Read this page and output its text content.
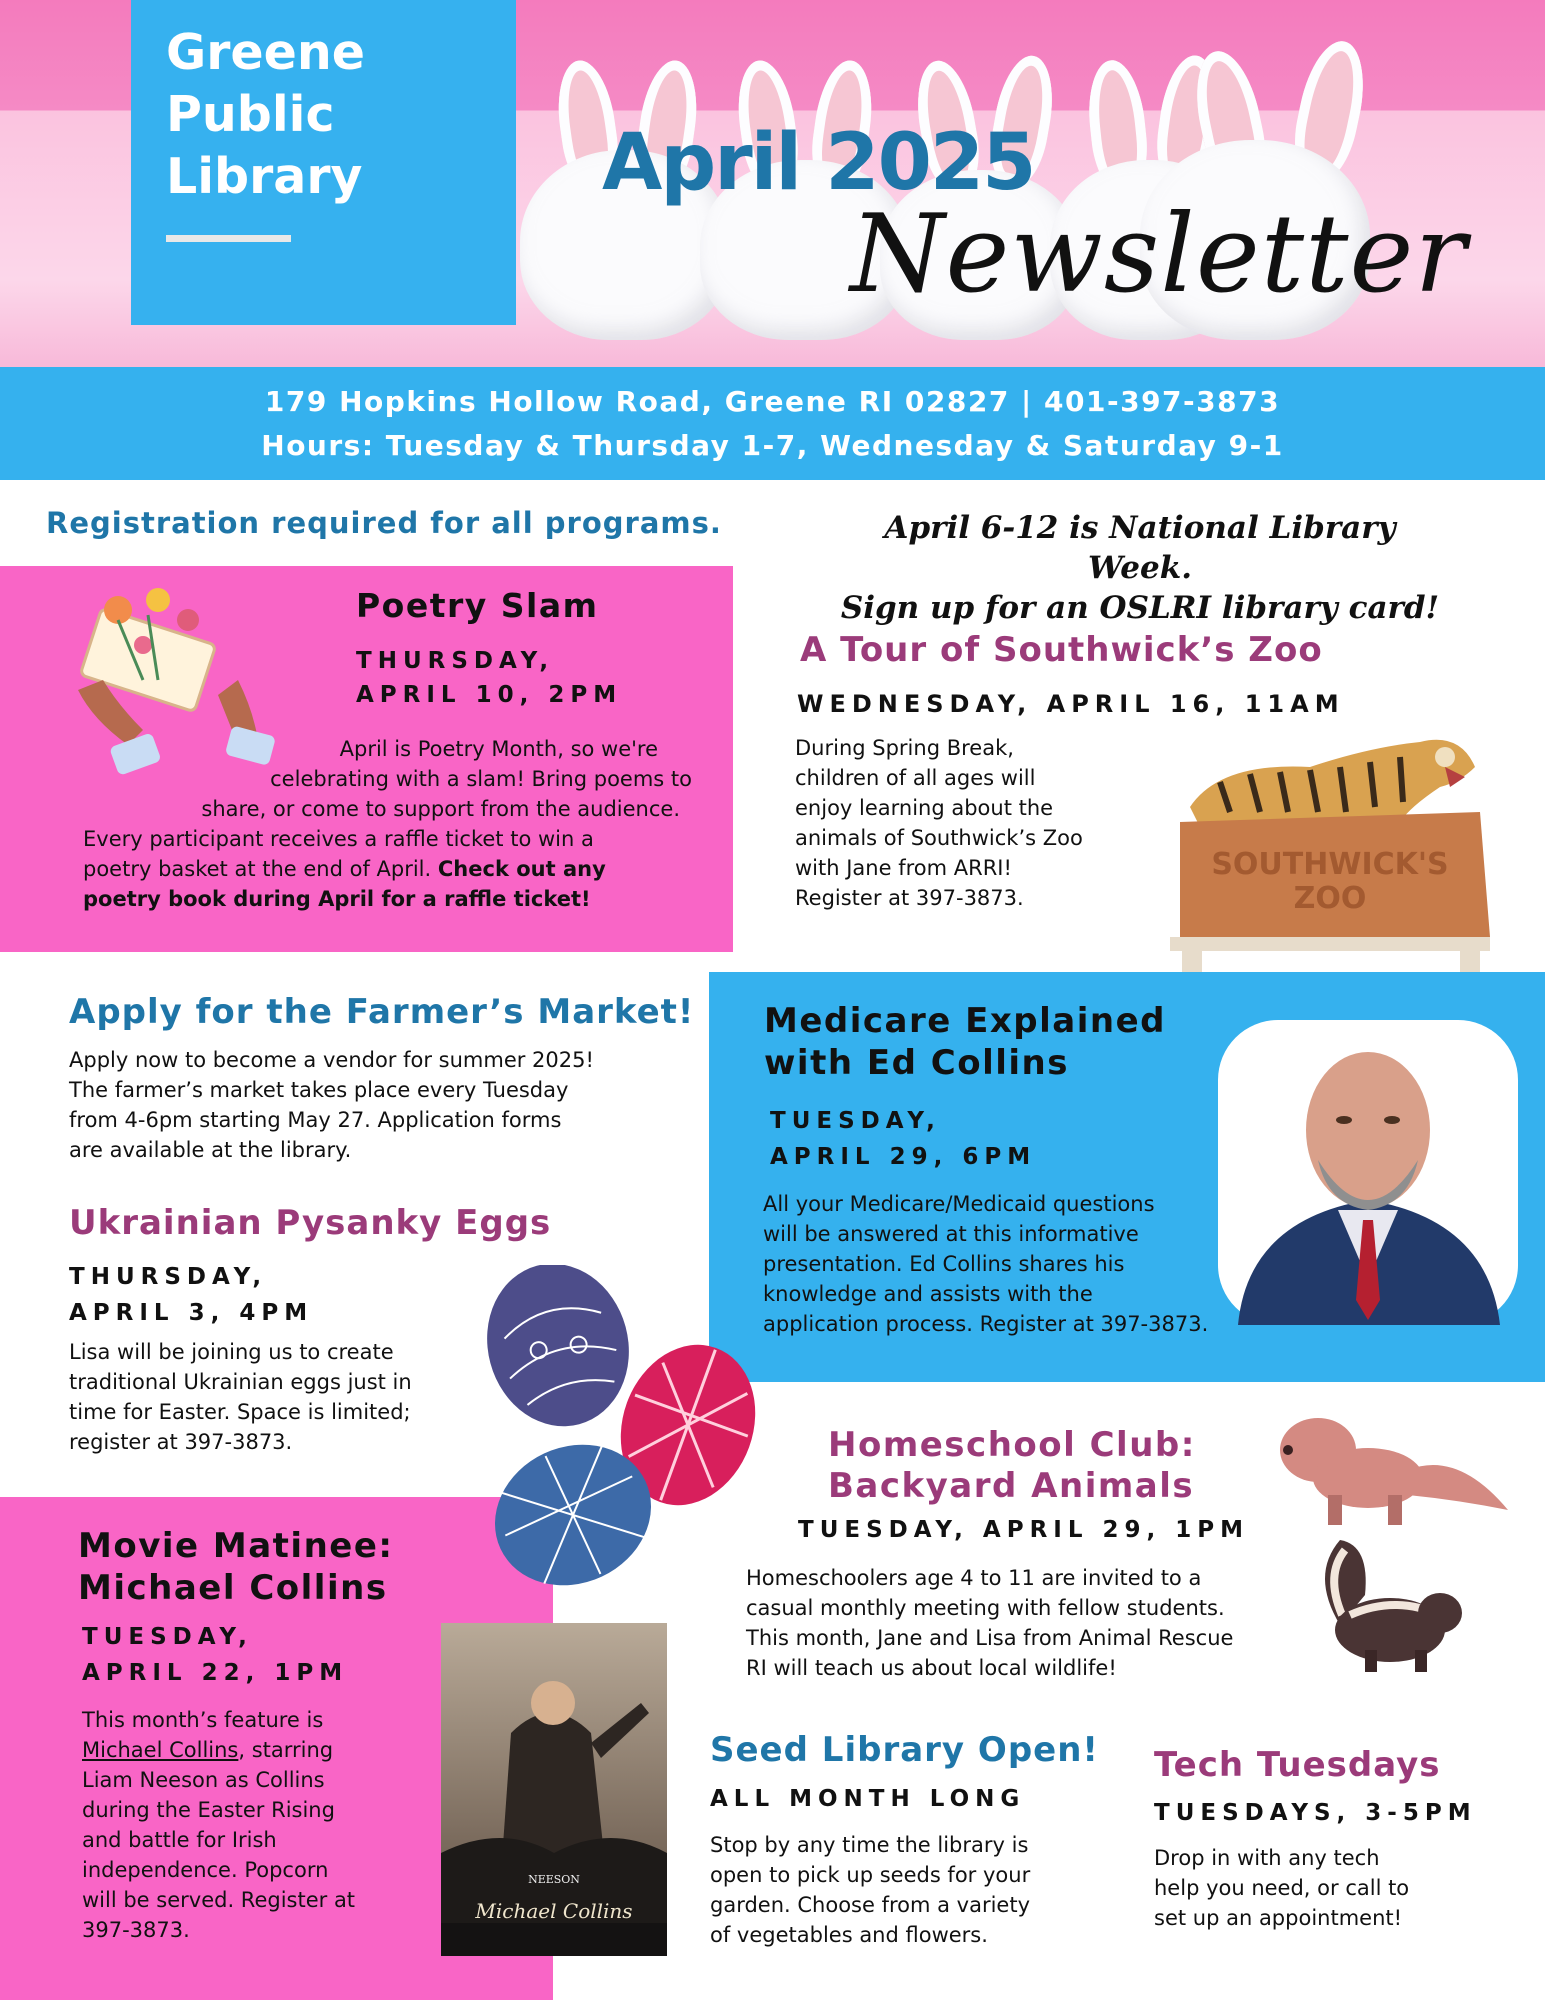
Greene
Public
Library	April 2025
Newsletter
179 Hopkins Hollow Road, Greene RI 02827 | 401-397-3873
Hours: Tuesday & Thursday 1-7, Wednesday & Saturday 9-1
Registration required for all programs.	April 6-12 is National Library Week.
Sign up for an OSLRI library card!
Poetry Slam
THURSDAY,
APRIL 10, 2PM
April is Poetry Month, so we're
celebrating with a slam! Bring poems to
share, or come to support from the audience.
Every participant receives a raffle ticket to win a
poetry basket at the end of April. Check out any
poetry book during April for a raffle ticket!
A Tour of Southwick’s Zoo
WEDNESDAY, APRIL 16, 11AM
During Spring Break,
children of all ages will
enjoy learning about the
animals of Southwick’s Zoo
with Jane from ARRI!
Register at 397-3873.
SOUTHWICK'S
ZOO
Apply for the Farmer’s Market!
Apply now to become a vendor for summer 2025!
The farmer’s market takes place every Tuesday
from 4-6pm starting May 27. Application forms
are available at the library.
Medicare Explained
with Ed Collins
TUESDAY,
APRIL 29, 6PM
All your Medicare/Medicaid questions
will be answered at this informative
presentation. Ed Collins shares his
knowledge and assists with the
application process. Register at 397-3873.
Ukrainian Pysanky Eggs
THURSDAY,
APRIL 3, 4PM
Lisa will be joining us to create
traditional Ukrainian eggs just in
time for Easter. Space is limited;
register at 397-3873.
Movie Matinee:
Michael Collins
TUESDAY,
APRIL 22, 1PM
This month’s feature is
Michael Collins, starring
Liam Neeson as Collins
during the Easter Rising
and battle for Irish
independence. Popcorn
will be served. Register at
397-3873.
NEESON
Michael Collins
Homeschool Club:
Backyard Animals
TUESDAY, APRIL 29, 1PM
Homeschoolers age 4 to 11 are invited to a
casual monthly meeting with fellow students.
This month, Jane and Lisa from Animal Rescue
RI will teach us about local wildlife!
Seed Library Open!
ALL MONTH LONG
Stop by any time the library is
open to pick up seeds for your
garden. Choose from a variety
of vegetables and flowers.
Tech Tuesdays
TUESDAYS, 3-5PM
Drop in with any tech
help you need, or call to
set up an appointment!
